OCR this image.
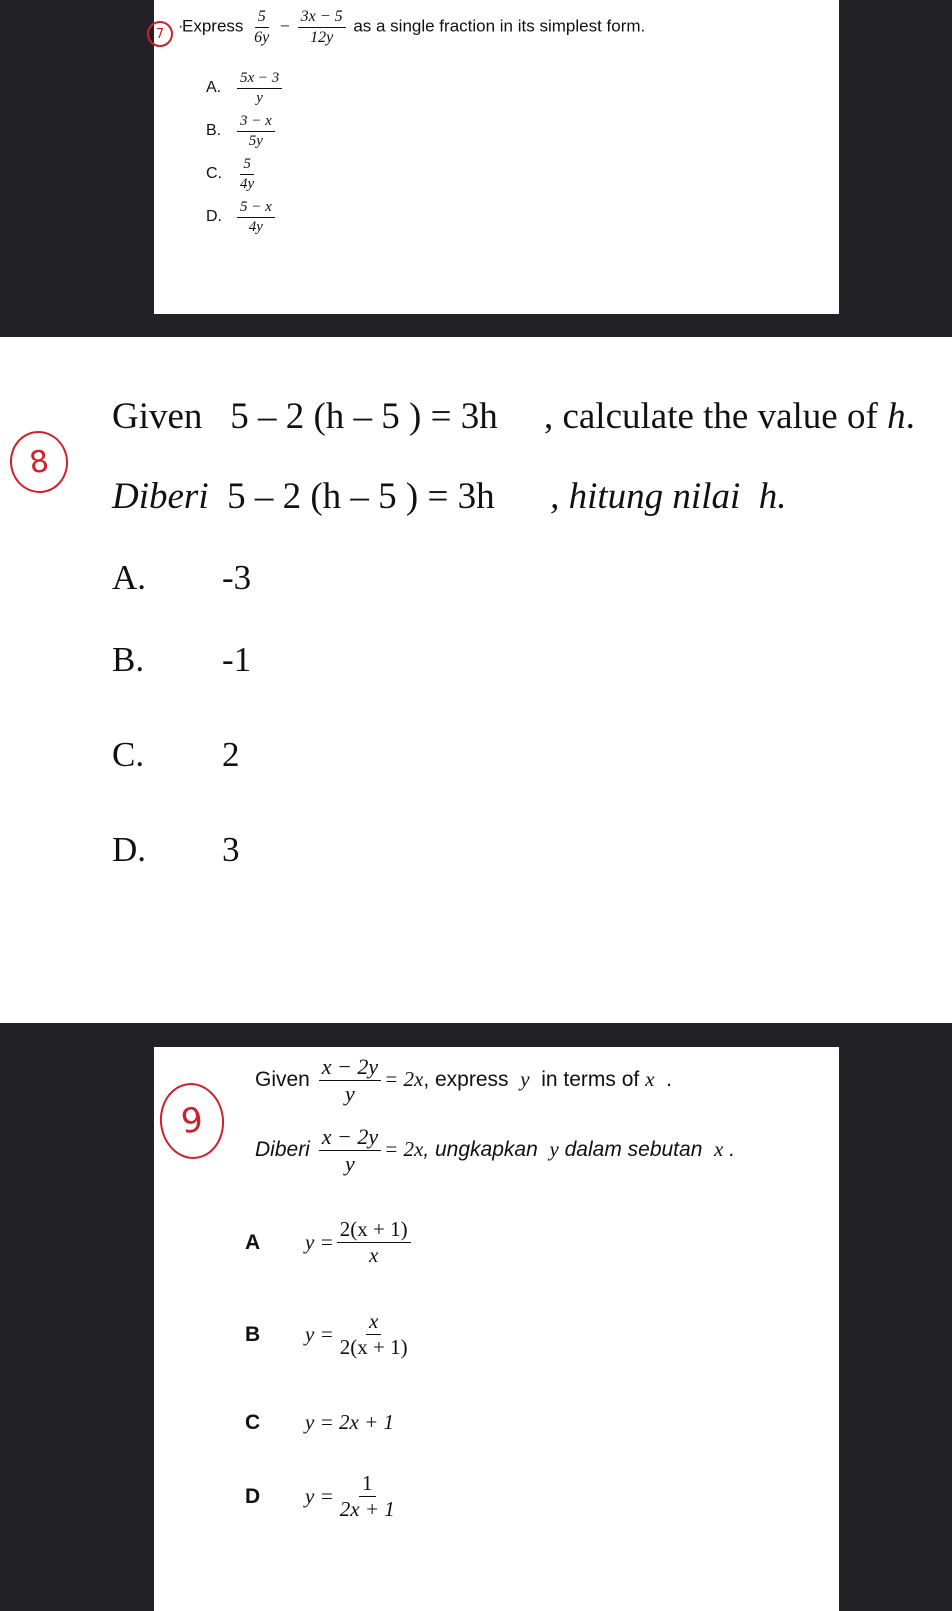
7 ·
Express $\frac{5}{6y} - \frac{3x - 5}{12y}$ as a single fraction in its simplest form.
A. $\frac{5x - 3}{y}$
B. $\frac{3 - x}{5y}$
C. $\frac{5}{4y}$
D. $\frac{5 - x}{4y}$
8
Given 5 – 2 (h – 5 ) = 3h , calculate the value of h.
Diberi 5 – 2 (h – 5 ) = 3h , hitung nilai h.
A. -3
B. -1
C. 2
D. 3
9
Given $\frac{x - 2y}{y} = 2x$, express y in terms of x .
Diberi $\frac{x - 2y}{y} = 2x$, ungkapkan y dalam sebutan x .
A $y = \frac{2(x + 1)}{x}$
B $y = \frac{x}{2(x + 1)}$
C y = 2x + 1
D $y = \frac{1}{2x + 1}$
